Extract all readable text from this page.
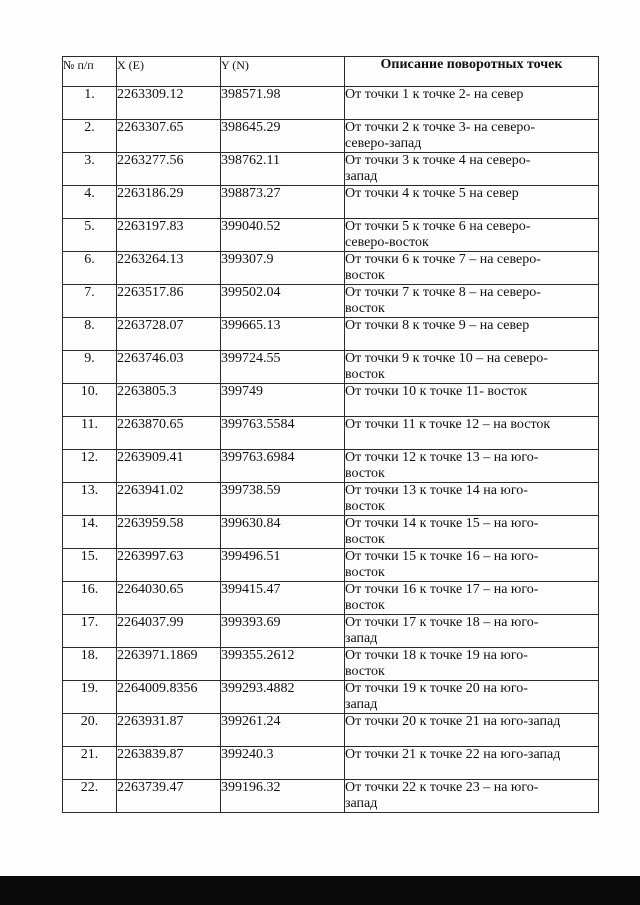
№ п/п	X (E)	Y (N)	Описание поворотных точек
1.	2263309.12	398571.98	От точки 1 к точке 2- на север
2.	2263307.65	398645.29	От точки 2 к точке 3- на северо-
северо-запад
3.	2263277.56	398762.11	От точки 3 к точке 4 на северо-
запад
4.	2263186.29	398873.27	От точки 4 к точке 5 на север
5.	2263197.83	399040.52	От точки 5 к точке 6 на северо-
северо-восток
6.	2263264.13	399307.9	От точки 6 к точке 7 – на северо-
восток
7.	2263517.86	399502.04	От точки 7 к точке 8 – на северо-
восток
8.	2263728.07	399665.13	От точки 8 к точке 9 – на север
9.	2263746.03	399724.55	От точки 9 к точке 10 – на северо-
восток
10.	2263805.3	399749	От точки 10 к точке 11- восток
11.	2263870.65	399763.5584	От точки 11 к точке 12 – на восток
12.	2263909.41	399763.6984	От точки 12 к точке 13 – на юго-
восток
13.	2263941.02	399738.59	От точки 13 к точке 14 на юго-
восток
14.	2263959.58	399630.84	От точки 14 к точке 15 – на юго-
восток
15.	2263997.63	399496.51	От точки 15 к точке 16 – на юго-
восток
16.	2264030.65	399415.47	От точки 16 к точке 17 – на юго-
восток
17.	2264037.99	399393.69	От точки 17 к точке 18 – на юго-
запад
18.	2263971.1869	399355.2612	От точки 18 к точке 19 на юго-
восток
19.	2264009.8356	399293.4882	От точки 19 к точке 20 на юго-
запад
20.	2263931.87	399261.24	От точки 20 к точке 21 на юго-запад
21.	2263839.87	399240.3	От точки 21 к точке 22 на юго-запад
22.	2263739.47	399196.32	От точки 22 к точке 23 – на юго-
запад
